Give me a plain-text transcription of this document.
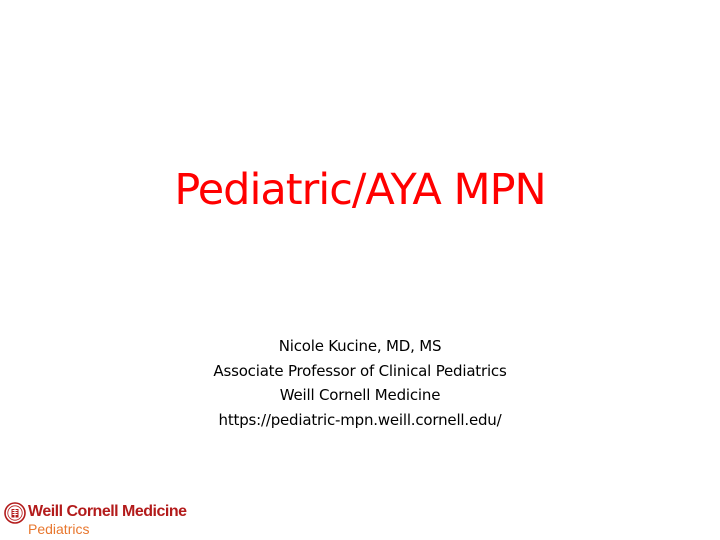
Pediatric/AYA MPN
Nicole Kucine, MD, MS
Associate Professor of Clinical Pediatrics
Weill Cornell Medicine
https://pediatric-mpn.weill.cornell.edu/
Weill Cornell Medicine
Pediatrics
